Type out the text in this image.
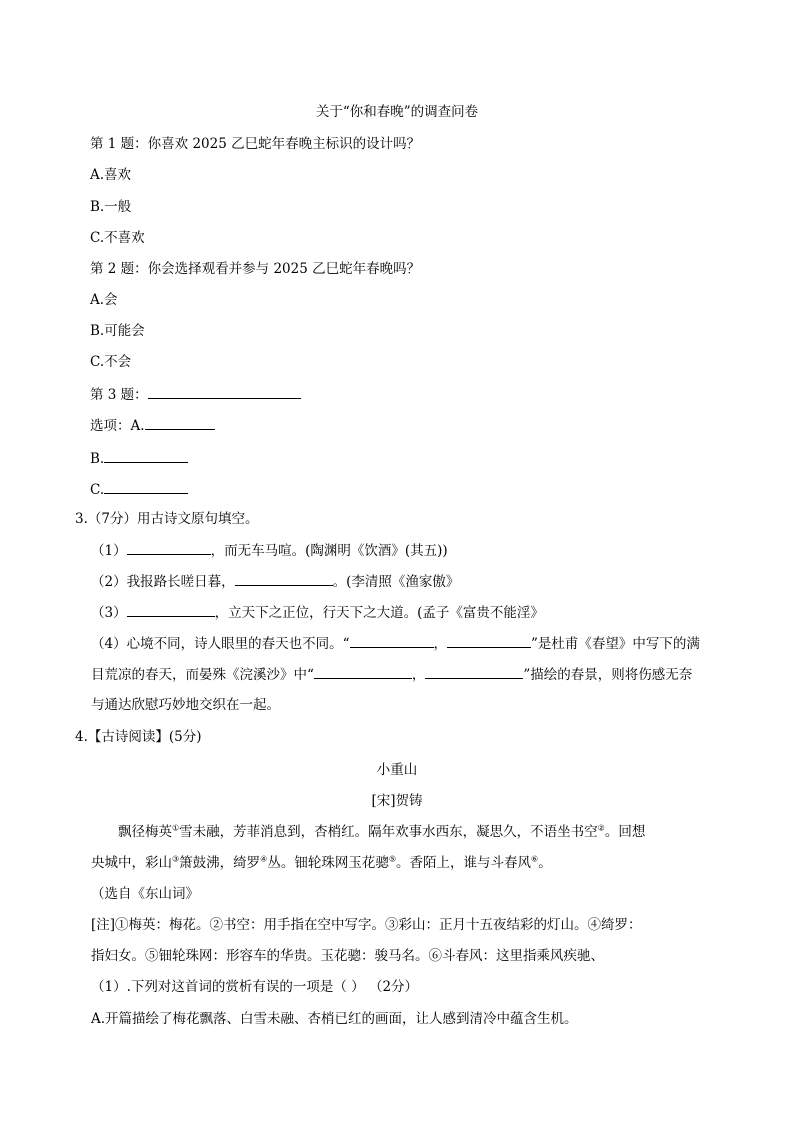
关于“你和春晚”的调查问卷
第 1 题：你喜欢 2025 乙巳蛇年春晚主标识的设计吗？
A.喜欢
B.一般
C.不喜欢
第 2 题：你会选择观看并参与 2025 乙巳蛇年春晚吗？
A.会
B.可能会
C.不会
第 3 题：
选项：A.
B.
C.
3.（7分）用古诗文原句填空。
（1）	，而无车马喧。(陶渊明《饮酒》(其五))
（2）我报路长嗟日暮，	。(李清照《渔家傲》
（3）	，立天下之正位，行天下之大道。(孟子《富贵不能淫》
（4）心境不同，诗人眼里的春天也不同。“	，	”是杜甫《春望》中写下的满
目荒凉的春天，而晏殊《浣溪沙》中“	，	”描绘的春景，则将伤感无奈
与通达欣慰巧妙地交织在一起。
4.【古诗阅读】(5分)
小重山
[宋]贺铸
飘径梅英①雪未融，芳菲消息到，杏梢红。隔年欢事水西东，凝思久，不语坐书空②。回想
央城中，彩山③箫鼓沸，绮罗④丛。钿轮珠网玉花骢⑤。香陌上，谁与斗春风⑥。
（选自《东山词》
[注]①梅英：梅花。②书空：用手指在空中写字。③彩山：正月十五夜结彩的灯山。④绮罗：
指妇女。⑤钿轮珠网：形容车的华贵。玉花骢：骏马名。⑥斗春风：这里指乘风疾驰、
（1）.下列对这首词的赏析有误的一项是（ ） （2分）
A.开篇描绘了梅花飘落、白雪未融、杏梢已红的画面，让人感到清冷中蕴含生机。
